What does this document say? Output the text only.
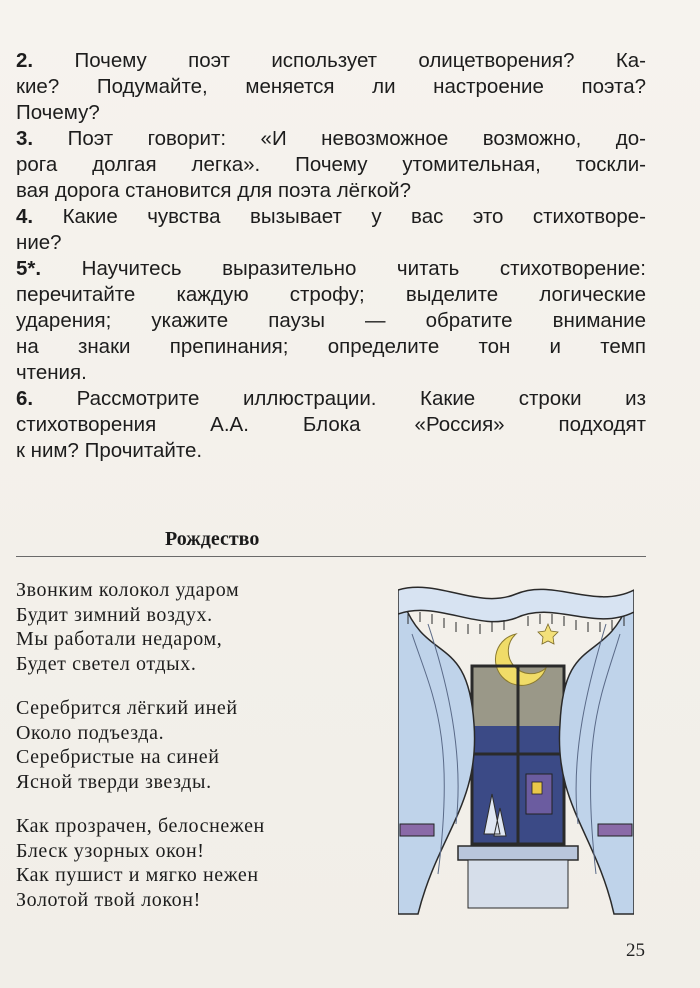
2. Почему поэт использует олицетворения? Ка-
кие? Подумайте, меняется ли настроение поэта?
Почему?
3. Поэт говорит: «И невозможное возможно, до-
рога долгая легка». Почему утомительная, тоскли-
вая дорога становится для поэта лёгкой?
4. Какие чувства вызывает у вас это стихотворе-
ние?
5*. Научитесь выразительно читать стихотворение:
перечитайте каждую строфу; выделите логические
ударения; укажите паузы — обратите внимание
на знаки препинания; определите тон и темп
чтения.
6. Рассмотрите иллюстрации. Какие строки из
стихотворения А.А. Блока «Россия» подходят
к ним? Прочитайте.
Рождество
Звонким колокол ударом
Будит зимний воздух.
Мы работали недаром,
Будет светел отдых.
Серебрится лёгкий иней
Около подъезда.
Серебристые на синей
Ясной тверди звезды.
Как прозрачен, белоснежен
Блеск узорных окон!
Как пушист и мягко нежен
Золотой твой локон!
25
